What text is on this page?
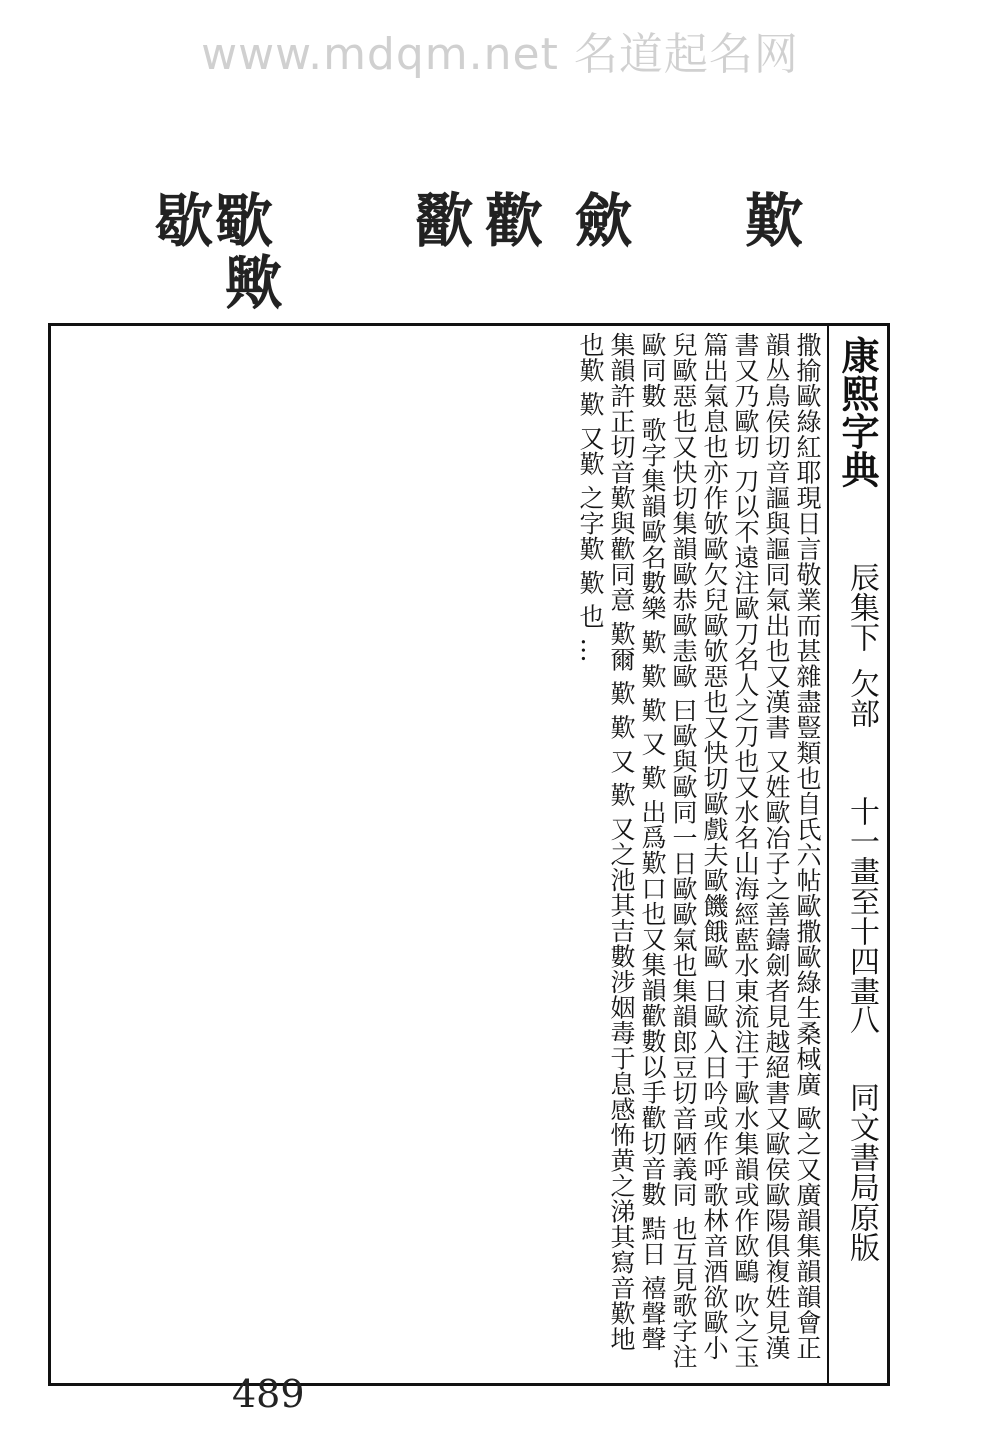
www.mdqm.net 名道起名网
歇
歜
歟
歠 歡 歛 歎
康熙字典
辰集下
欠部
十一畫至十四畫
八
同文書局原版
撒揄歐綠紅耶現日言敬業而甚雜盡豎類也自氏六帖歐撒歐綠生桑棫廣 歐之又廣韻集韻韻會正韻丛鳥侯切音謳與謳同氣出也又漢書 又姓歐冶子之善鑄劍者見越絕書又歐侯歐陽俱複姓見漢書又乃歐切 刀以不遠注歐刀名人之刀也又水名山海經藍水東流注于歐水集韻或作欧鷗 吹之玉篇出氣息也亦作欨歐欠兒歐欨惡也又快切歐戲夫歐饑餓歐 日歐入日吟或作呼歌林音酒欲歐小兒歐惡也又快切集韻歐恭歐恚歐 曰歐與歐同一日歐歐氣也集韻郎豆切音陋義同 也互見歌字注歐同數 歌字集韻歐名數樂 歎 歎 歎 又 歎 出爲歎口也又集韻歡數以手歡切音數 黠日 禧聲聲 集韻許正切音歎與歡同意 歎爾 歎 歎 又 歎 又之池其吉數涉姻毒于息感怖黄之涕其寫音歎地也歎 歎 又歎 之字歎 歎 也 …
489
